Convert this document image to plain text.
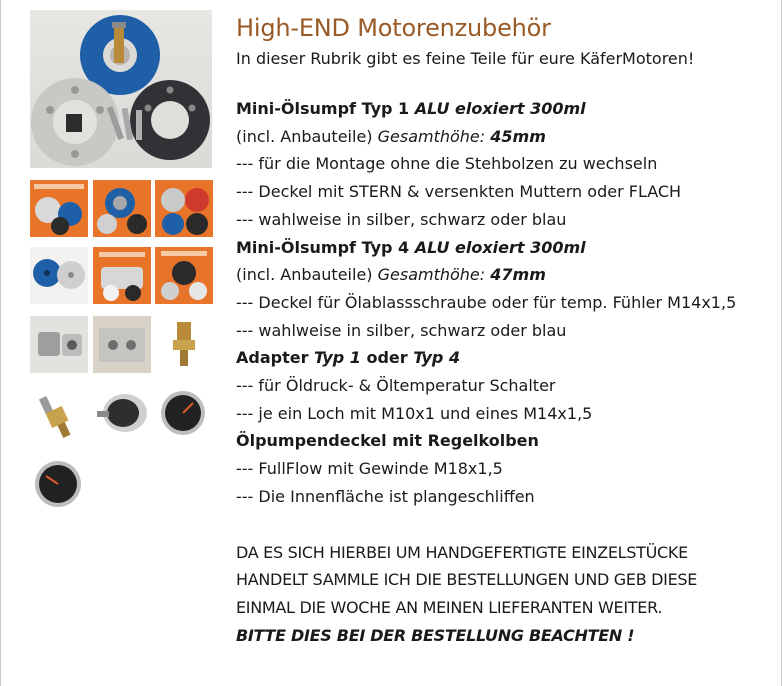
High-END Motorenzubehör
In dieser Rubrik gibt es feine Teile für eure KäferMotoren!
Mini-Ölsumpf Typ 1 ALU eloxiert 300ml
(incl. Anbauteile) Gesamthöhe: 45mm
--- für die Montage ohne die Stehbolzen zu wechseln
--- Deckel mit STERN & versenkten Muttern oder FLACH
--- wahlweise in silber, schwarz oder blau
Mini-Ölsumpf Typ 4 ALU eloxiert 300ml
(incl. Anbauteile) Gesamthöhe: 47mm
--- Deckel für Ölablassschraube oder für temp. Fühler M14x1,5
--- wahlweise in silber, schwarz oder blau
Adapter Typ 1 oder Typ 4
--- für Öldruck- & Öltemperatur Schalter
--- je ein Loch mit M10x1 und eines M14x1,5
Ölpumpendeckel mit Regelkolben
--- FullFlow mit Gewinde M18x1,5
--- Die Innenfläche ist plangeschliffen
DA ES SICH HIERBEI UM HANDGEFERTIGTE EINZELSTÜCKE
HANDELT SAMMLE ICH DIE BESTELLUNGEN UND GEB DIESE
EINMAL DIE WOCHE AN MEINEN LIEFERANTEN WEITER.
BITTE DIES BEI DER BESTELLUNG BEACHTEN !
